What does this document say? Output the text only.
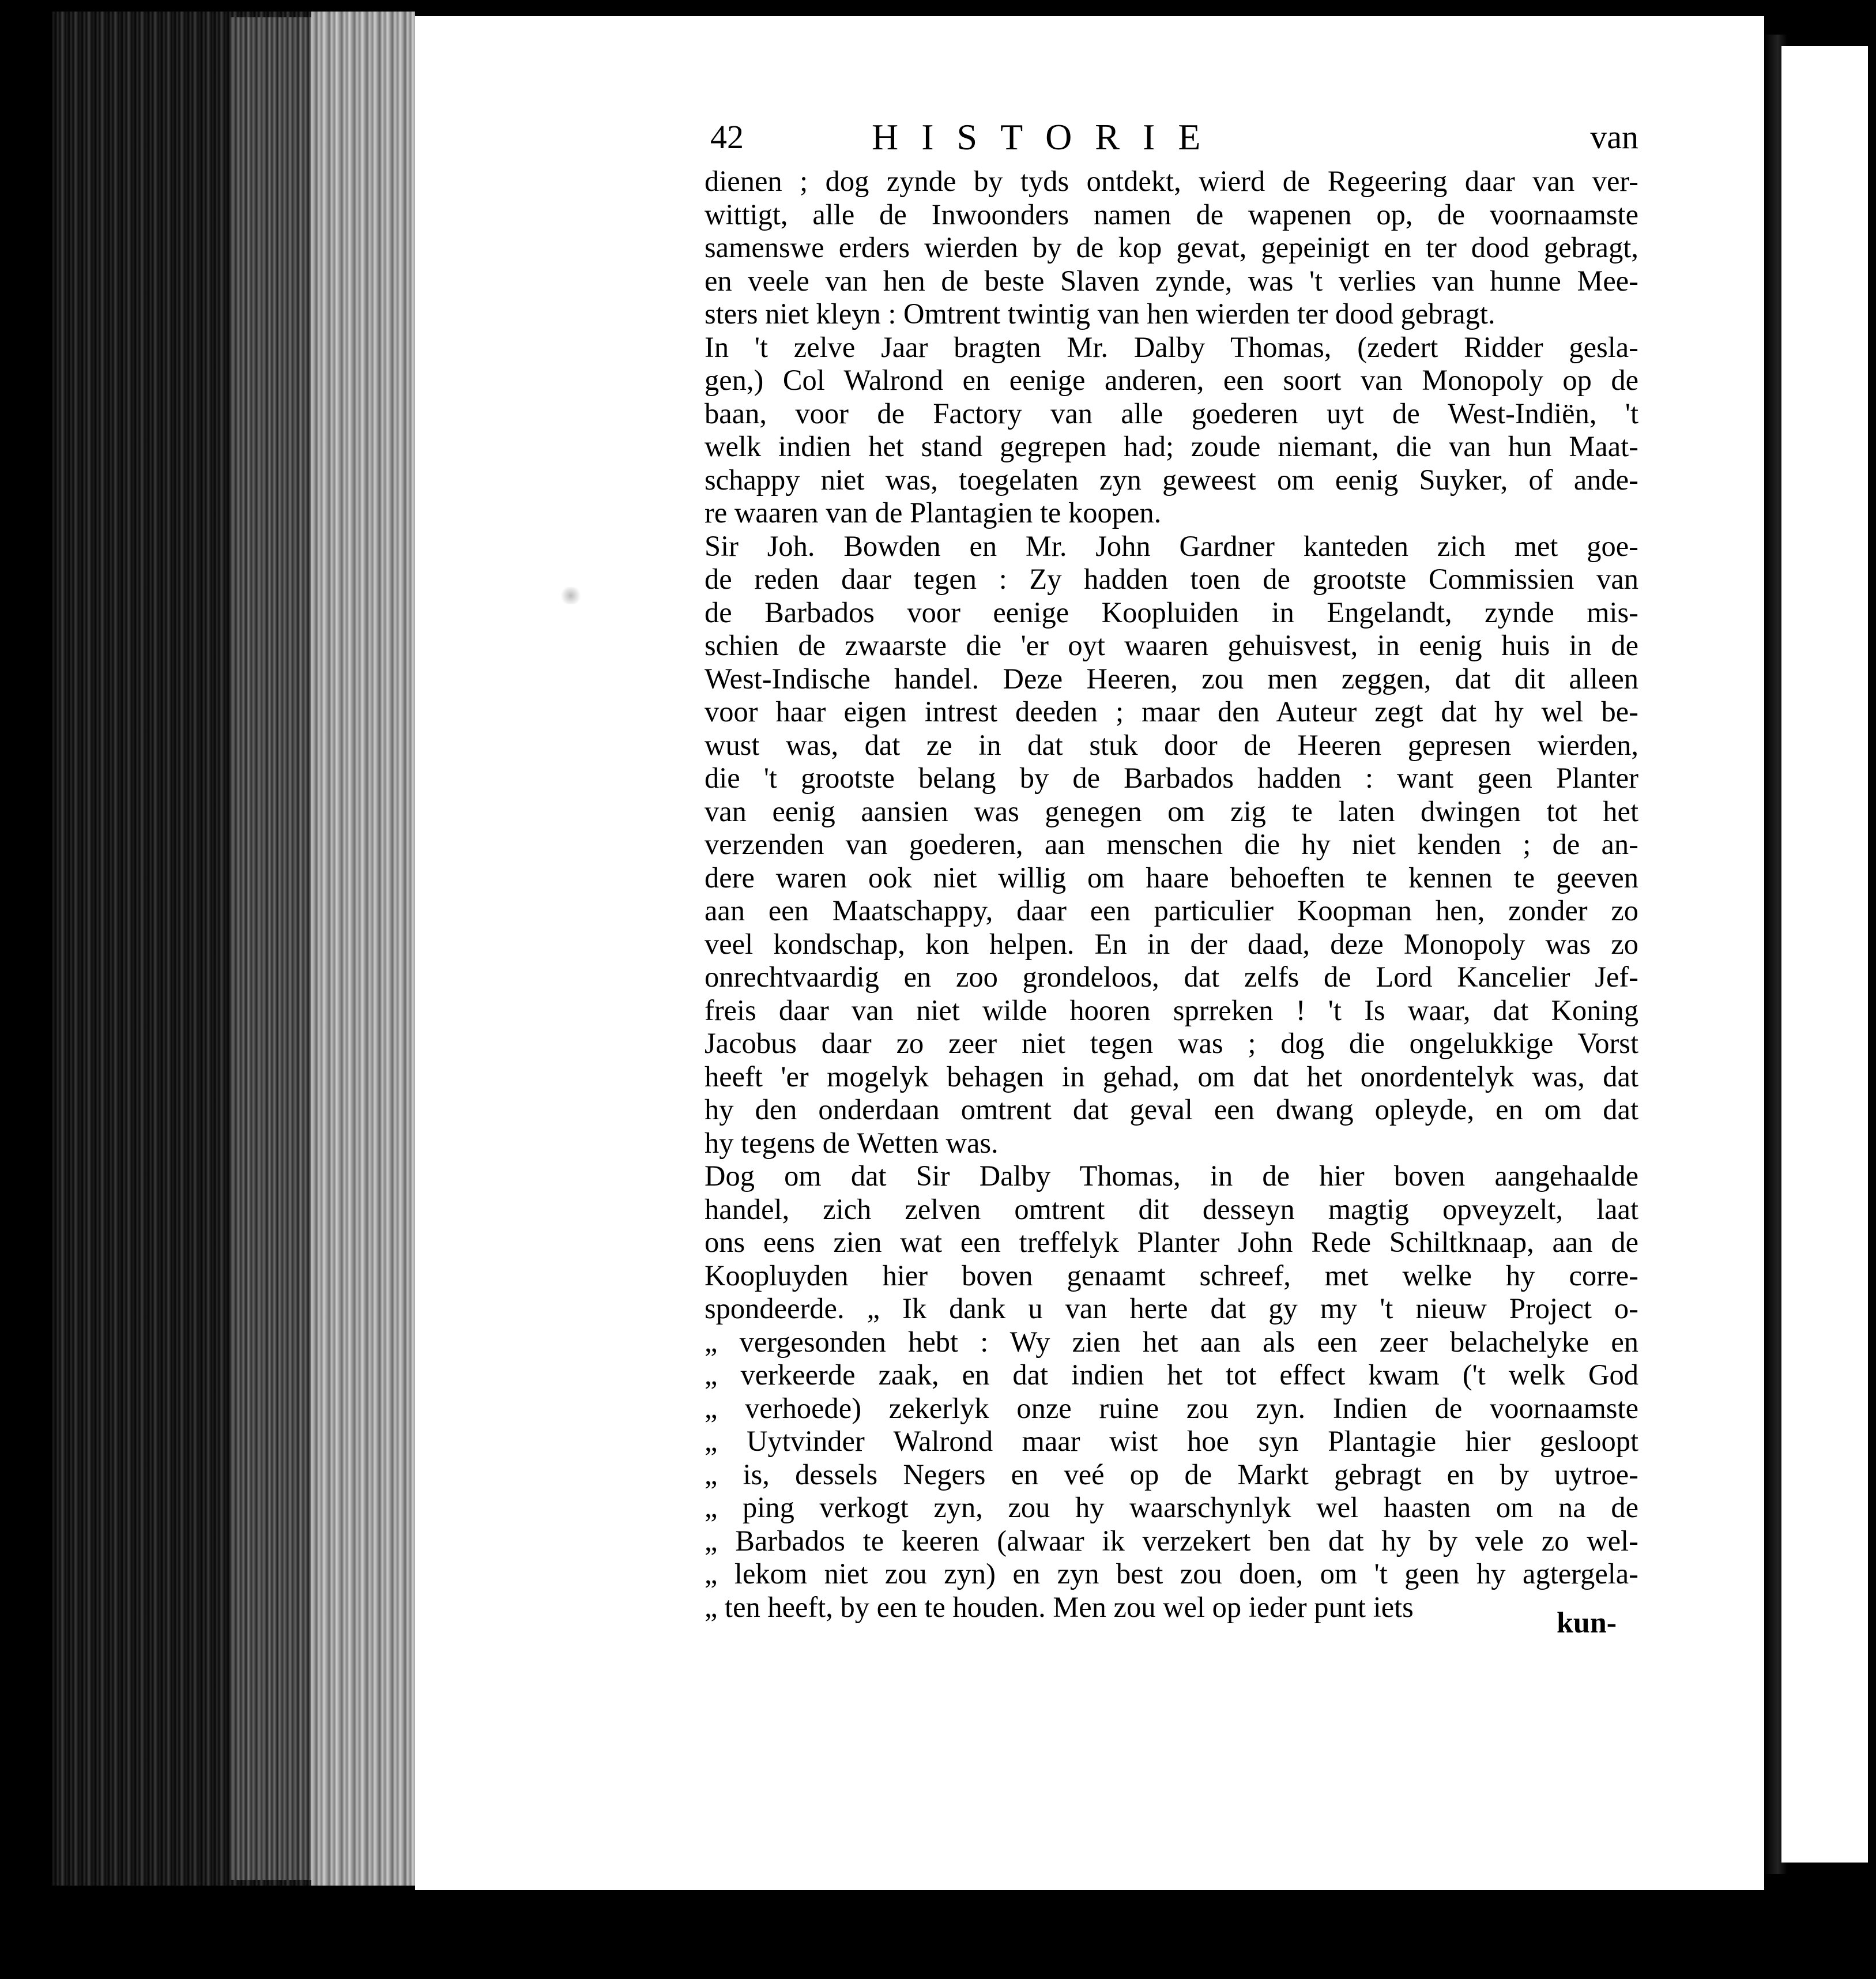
42	HISTORIE	van
dienen ; dog zynde by tyds ontdekt, wierd de Regeering daar van ver-
wittigt, alle de Inwoonders namen de wapenen op, de voornaamste
samenswe erders wierden by de kop gevat, gepeinigt en ter dood gebragt,
en veele van hen de beste Slaven zynde, was 't verlies van hunne Mee-
sters niet kleyn : Omtrent twintig van hen wierden ter dood gebragt.
In 't zelve Jaar bragten Mr. Dalby Thomas, (zedert Ridder gesla-
gen,) Col Walrond en eenige anderen, een soort van Monopoly op de
baan, voor de Factory van alle goederen uyt de West-Indiën, 't
welk indien het stand gegrepen had; zoude niemant, die van hun Maat-
schappy niet was, toegelaten zyn geweest om eenig Suyker, of ande-
re waaren van de Plantagien te koopen.
Sir Joh. Bowden en Mr. John Gardner kanteden zich met goe-
de reden daar tegen : Zy hadden toen de grootste Commissien van
de Barbados voor eenige Koopluiden in Engelandt, zynde mis-
schien de zwaarste die 'er oyt waaren gehuisvest, in eenig huis in de
West-Indische handel. Deze Heeren, zou men zeggen, dat dit alleen
voor haar eigen intrest deeden ; maar den Auteur zegt dat hy wel be-
wust was, dat ze in dat stuk door de Heeren gepresen wierden,
die 't grootste belang by de Barbados hadden : want geen Planter
van eenig aansien was genegen om zig te laten dwingen tot het
verzenden van goederen, aan menschen die hy niet kenden ; de an-
dere waren ook niet willig om haare behoeften te kennen te geeven
aan een Maatschappy, daar een particulier Koopman hen, zonder zo
veel kondschap, kon helpen. En in der daad, deze Monopoly was zo
onrechtvaardig en zoo grondeloos, dat zelfs de Lord Kancelier Jef-
freis daar van niet wilde hooren sprreken ! 't Is waar, dat Koning
Jacobus daar zo zeer niet tegen was ; dog die ongelukkige Vorst
heeft 'er mogelyk behagen in gehad, om dat het onordentelyk was, dat
hy den onderdaan omtrent dat geval een dwang opleyde, en om dat
hy tegens de Wetten was.
Dog om dat Sir Dalby Thomas, in de hier boven aangehaalde
handel, zich zelven omtrent dit desseyn magtig opveyzelt, laat
ons eens zien wat een treffelyk Planter John Rede Schiltknaap, aan de
Koopluyden hier boven genaamt schreef, met welke hy corre-
spondeerde. „ Ik dank u van herte dat gy my 't nieuw Project o-
„ vergesonden hebt : Wy zien het aan als een zeer belachelyke en
„ verkeerde zaak, en dat indien het tot effect kwam ('t welk God
„ verhoede) zekerlyk onze ruine zou zyn. Indien de voornaamste
„ Uytvinder Walrond maar wist hoe syn Plantagie hier gesloopt
„ is, dessels Negers en veé op de Markt gebragt en by uytroe-
„ ping verkogt zyn, zou hy waarschynlyk wel haasten om na de
„ Barbados te keeren (alwaar ik verzekert ben dat hy by vele zo wel-
„ lekom niet zou zyn) en zyn best zou doen, om 't geen hy agtergela-
„ ten heeft, by een te houden. Men zou wel op ieder punt iets	kun-
